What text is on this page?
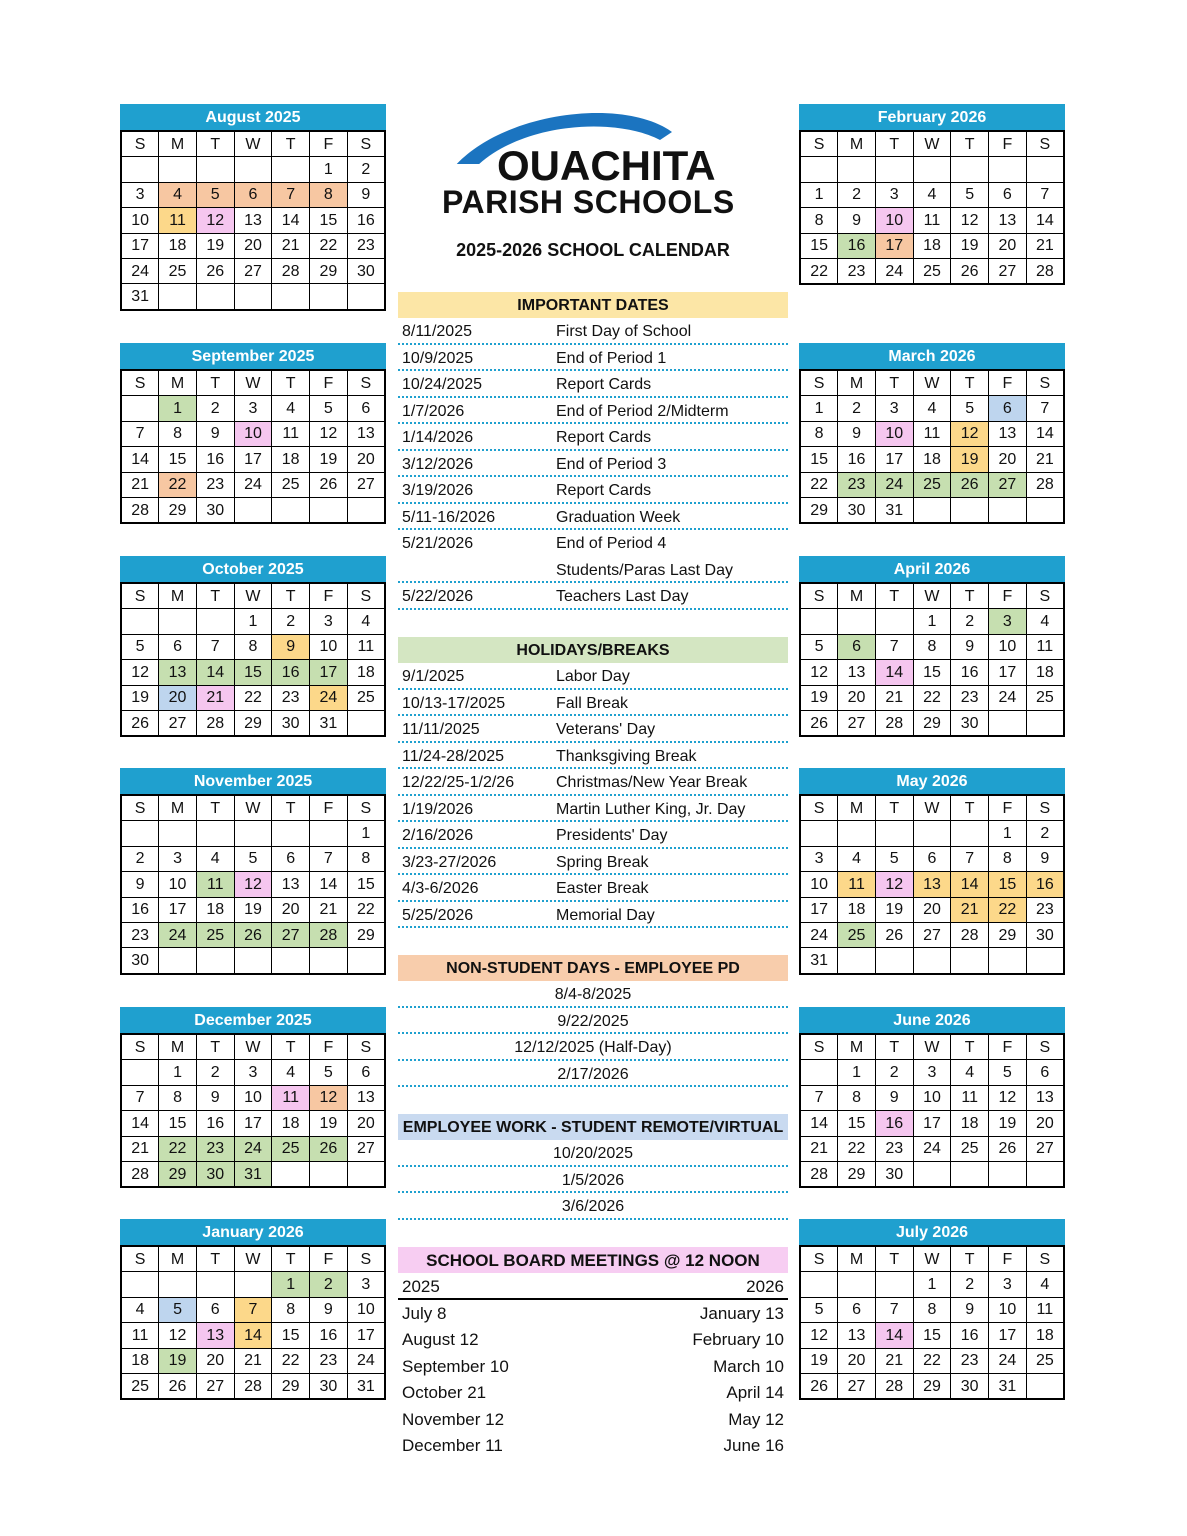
August 2025
S	M	T	W	T	F	S
					1	2
3	4	5	6	7	8	9
10	11	12	13	14	15	16
17	18	19	20	21	22	23
24	25	26	27	28	29	30
31						
September 2025
S	M	T	W	T	F	S
	1	2	3	4	5	6
7	8	9	10	11	12	13
14	15	16	17	18	19	20
21	22	23	24	25	26	27
28	29	30				
October 2025
S	M	T	W	T	F	S
			1	2	3	4
5	6	7	8	9	10	11
12	13	14	15	16	17	18
19	20	21	22	23	24	25
26	27	28	29	30	31	
November 2025
S	M	T	W	T	F	S
						1
2	3	4	5	6	7	8
9	10	11	12	13	14	15
16	17	18	19	20	21	22
23	24	25	26	27	28	29
30						
December 2025
S	M	T	W	T	F	S
	1	2	3	4	5	6
7	8	9	10	11	12	13
14	15	16	17	18	19	20
21	22	23	24	25	26	27
28	29	30	31			
January 2026
S	M	T	W	T	F	S
				1	2	3
4	5	6	7	8	9	10
11	12	13	14	15	16	17
18	19	20	21	22	23	24
25	26	27	28	29	30	31
February 2026
S	M	T	W	T	F	S

1	2	3	4	5	6	7
8	9	10	11	12	13	14
15	16	17	18	19	20	21
22	23	24	25	26	27	28
March 2026
S	M	T	W	T	F	S
1	2	3	4	5	6	7
8	9	10	11	12	13	14
15	16	17	18	19	20	21
22	23	24	25	26	27	28
29	30	31				
April 2026
S	M	T	W	T	F	S
			1	2	3	4
5	6	7	8	9	10	11
12	13	14	15	16	17	18
19	20	21	22	23	24	25
26	27	28	29	30		
May 2026
S	M	T	W	T	F	S
					1	2
3	4	5	6	7	8	9
10	11	12	13	14	15	16
17	18	19	20	21	22	23
24	25	26	27	28	29	30
31						
June 2026
S	M	T	W	T	F	S
	1	2	3	4	5	6
7	8	9	10	11	12	13
14	15	16	17	18	19	20
21	22	23	24	25	26	27
28	29	30				
July 2026
S	M	T	W	T	F	S
			1	2	3	4
5	6	7	8	9	10	11
12	13	14	15	16	17	18
19	20	21	22	23	24	25
26	27	28	29	30	31	
OUACHITA
PARISH SCHOOLS
2025-2026 SCHOOL CALENDAR
IMPORTANT DATES
8/11/2025	First Day of School
10/9/2025	End of Period 1
10/24/2025	Report Cards
1/7/2026	End of Period 2/Midterm
1/14/2026	Report Cards
3/12/2026	End of Period 3
3/19/2026	Report Cards
5/11-16/2026	Graduation Week
5/21/2026	End of Period 4
Students/Paras Last Day
5/22/2026	Teachers Last Day
HOLIDAYS/BREAKS
9/1/2025	Labor Day
10/13-17/2025	Fall Break
11/11/2025	Veterans' Day
11/24-28/2025	Thanksgiving Break
12/22/25-1/2/26	Christmas/New Year Break
1/19/2026	Martin Luther King, Jr. Day
2/16/2026	Presidents' Day
3/23-27/2026	Spring Break
4/3-6/2026	Easter Break
5/25/2026	Memorial Day
NON-STUDENT DAYS - EMPLOYEE PD
8/4-8/2025
9/22/2025
12/12/2025 (Half-Day)
2/17/2026
EMPLOYEE WORK - STUDENT REMOTE/VIRTUAL
10/20/2025
1/5/2026
3/6/2026
SCHOOL BOARD MEETINGS @ 12 NOON
2025	2026
July 8	January 13
August 12	February 10
September 10	March 10
October 21	April 14
November 12	May 12
December 11	June 16
